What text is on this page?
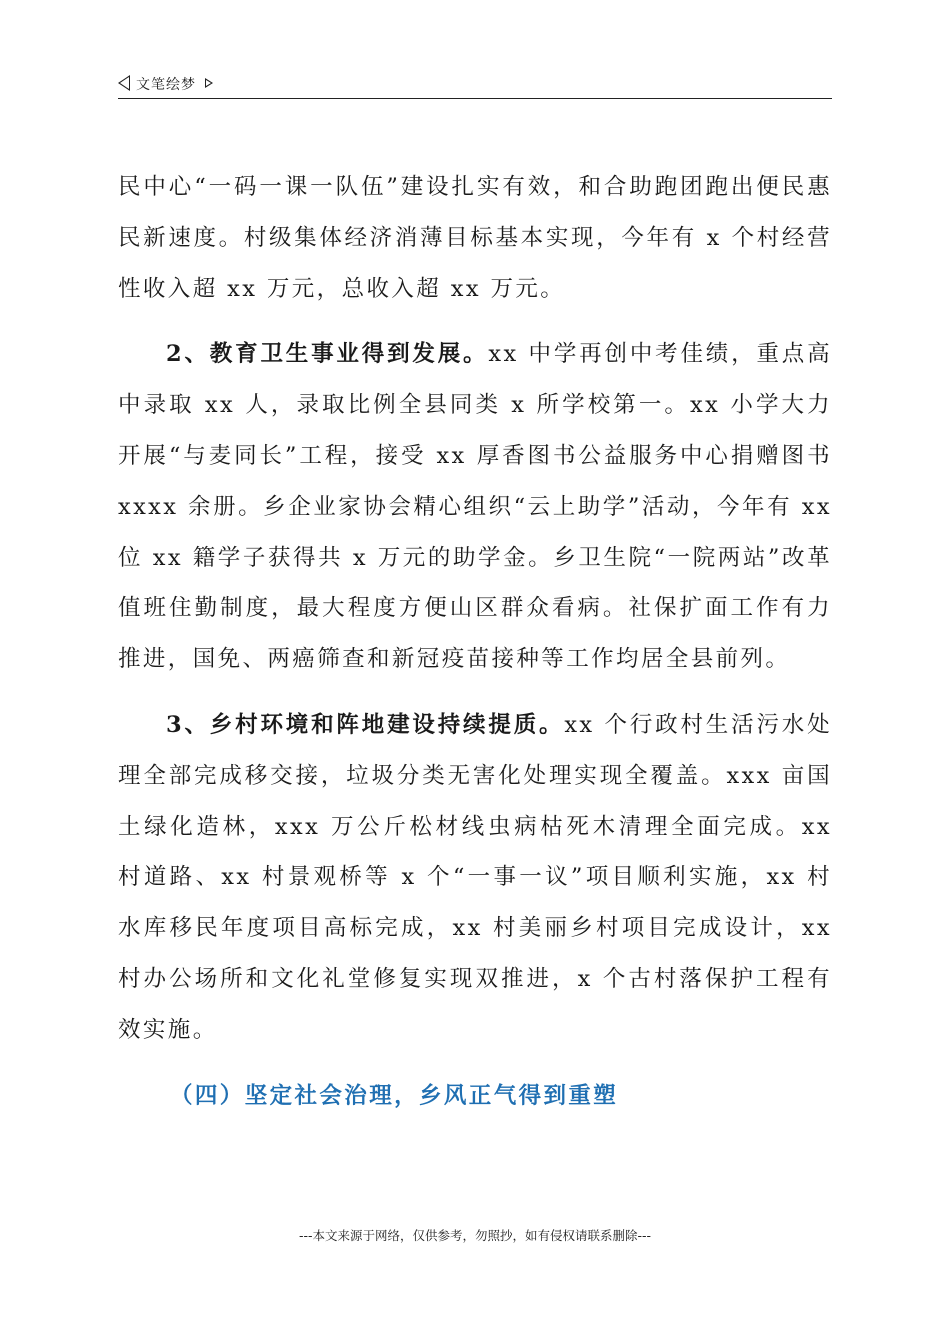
文笔绘梦

民中心“一码一课一队伍”建设扎实有效，和合助跑团跑出便民惠民新速度。村级集体经济消薄目标基本实现，今年有 x 个村经营性收入超 xx 万元，总收入超 xx 万元。

2、教育卫生事业得到发展。xx 中学再创中考佳绩，重点高中录取 xx 人，录取比例全县同类 x 所学校第一。xx 小学大力开展“与麦同长”工程，接受 xx 厚香图书公益服务中心捐赠图书 xxxx 余册。乡企业家协会精心组织“云上助学”活动，今年有 xx 位 xx 籍学子获得共 x 万元的助学金。乡卫生院“一院两站”改革值班住勤制度，最大程度方便山区群众看病。社保扩面工作有力推进，国免、两癌筛查和新冠疫苗接种等工作均居全县前列。

3、乡村环境和阵地建设持续提质。xx 个行政村生活污水处理全部完成移交接，垃圾分类无害化处理实现全覆盖。xxx 亩国土绿化造林，xxx 万公斤松材线虫病枯死木清理全面完成。xx 村道路、xx 村景观桥等 x 个“一事一议”项目顺利实施，xx 村水库移民年度项目高标完成，xx 村美丽乡村项目完成设计，xx 村办公场所和文化礼堂修复实现双推进，x 个古村落保护工程有效实施。

（四）坚定社会治理，乡风正气得到重塑
---本文来源于网络，仅供参考，勿照抄，如有侵权请联系删除---
